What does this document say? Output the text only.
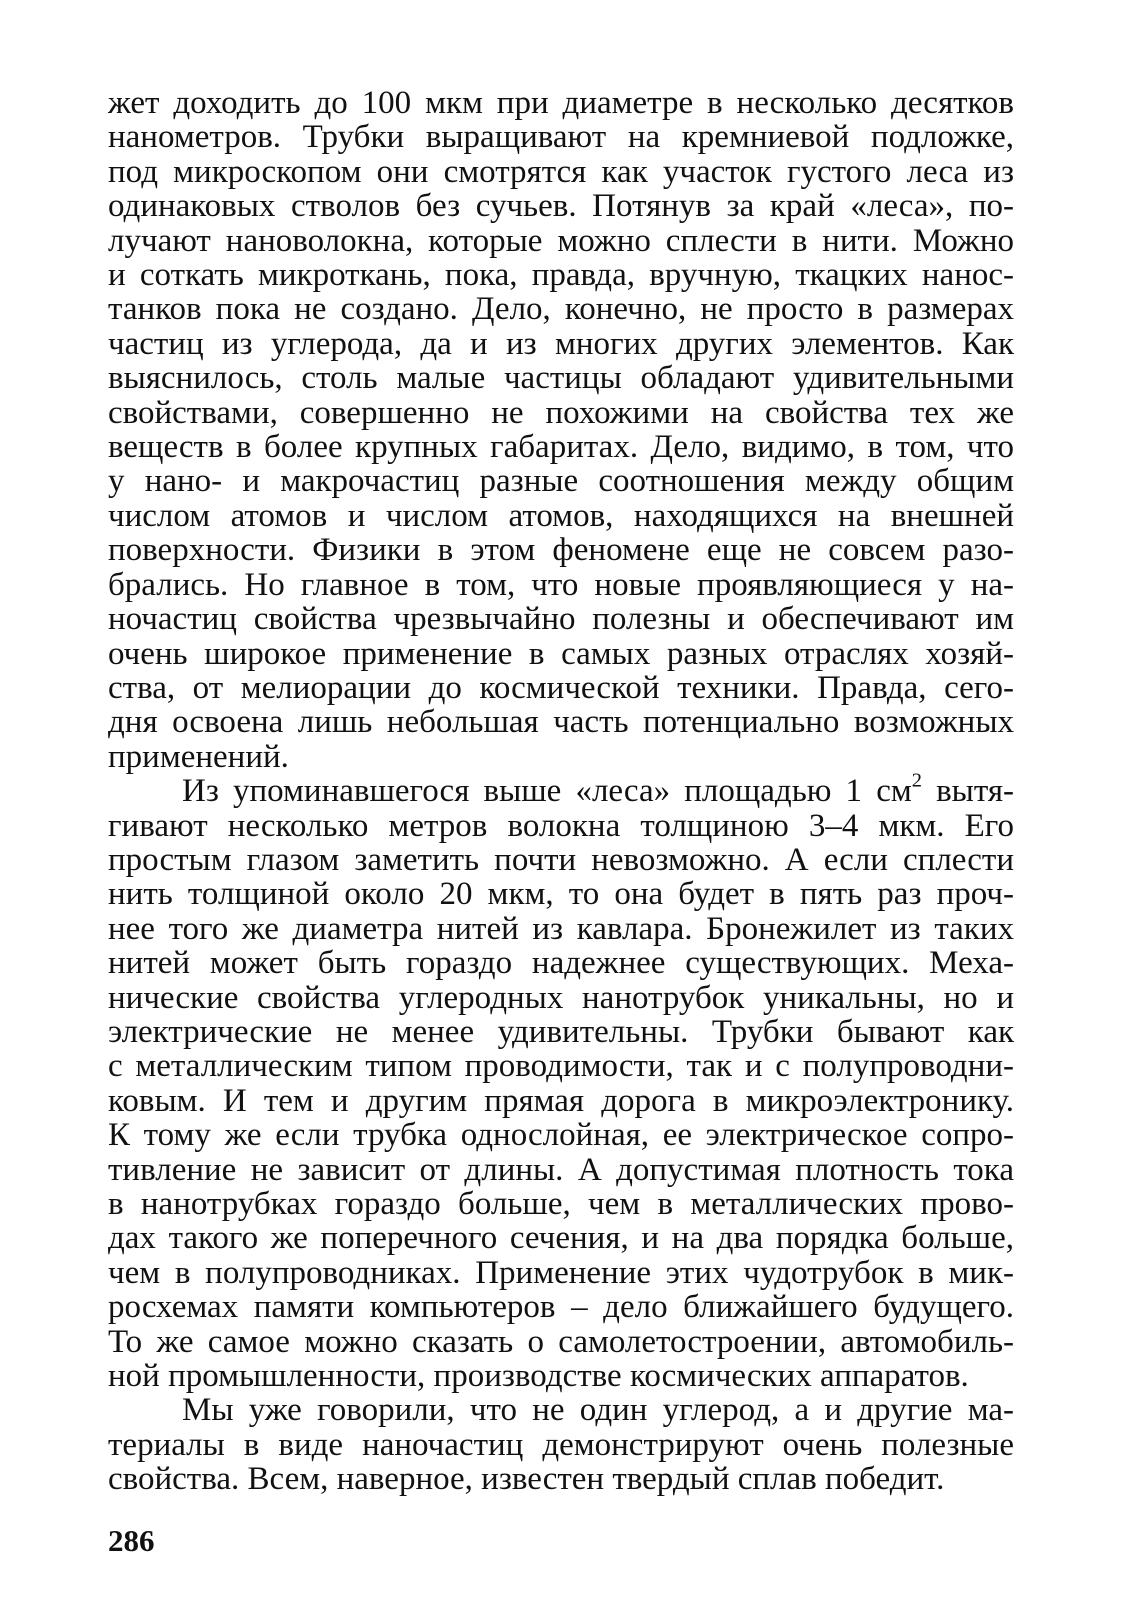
жет доходить до 100 мкм при диаметре в несколько десятков
нанометров. Трубки выращивают на кремниевой подложке,
под микроскопом они смотрятся как участок густого леса из
одинаковых стволов без сучьев. Потянув за край «леса», по-
лучают нановолокна, которые можно сплести в нити. Можно
и соткать микроткань, пока, правда, вручную, ткацких наноc-
танков пока не создано. Дело, конечно, не просто в размерах
частиц из углерода, да и из многих других элементов. Как
выяснилось, столь малые частицы обладают удивительными
свойствами, совершенно не похожими на свойства тех же
веществ в более крупных габаритах. Дело, видимо, в том, что
у нано- и макрочастиц разные соотношения между общим
числом атомов и числом атомов, находящихся на внешней
поверхности. Физики в этом феномене еще не совсем разо-
брались. Но главное в том, что новые проявляющиеся у на-
ночастиц свойства чрезвычайно полезны и обеспечивают им
очень широкое применение в самых разных отраслях хозяй-
ства, от мелиорации до космической техники. Правда, сего-
дня освоена лишь небольшая часть потенциально возможных
применений.
Из упоминавшегося выше «леса» площадью 1 $см^2$ вытя-
гивают несколько метров волокна толщиною 3–4 мкм. Его
простым глазом заметить почти невозможно. А если сплести
нить толщиной около 20 мкм, то она будет в пять раз проч-
нее того же диаметра нитей из кавлара. Бронежилет из таких
нитей может быть гораздо надежнее существующих. Меха-
нические свойства углеродных нанотрубок уникальны, но и
электрические не менее удивительны. Трубки бывают как
с металлическим типом проводимости, так и с полупроводни-
ковым. И тем и другим прямая дорога в микроэлектронику.
К тому же если трубка однослойная, ее электрическое сопро-
тивление не зависит от длины. А допустимая плотность тока
в нанотрубках гораздо больше, чем в металлических прово-
дах такого же поперечного сечения, и на два порядка больше,
чем в полупроводниках. Применение этих чудотрубок в мик-
росхемах памяти компьютеров – дело ближайшего будущего.
То же самое можно сказать о самолетостроении, автомобиль-
ной промышленности, производстве космических аппаратов.
Мы уже говорили, что не один углерод, а и другие ма-
териалы в виде наночастиц демонстрируют очень полезные
свойства. Всем, наверное, известен твердый сплав победит.
286
